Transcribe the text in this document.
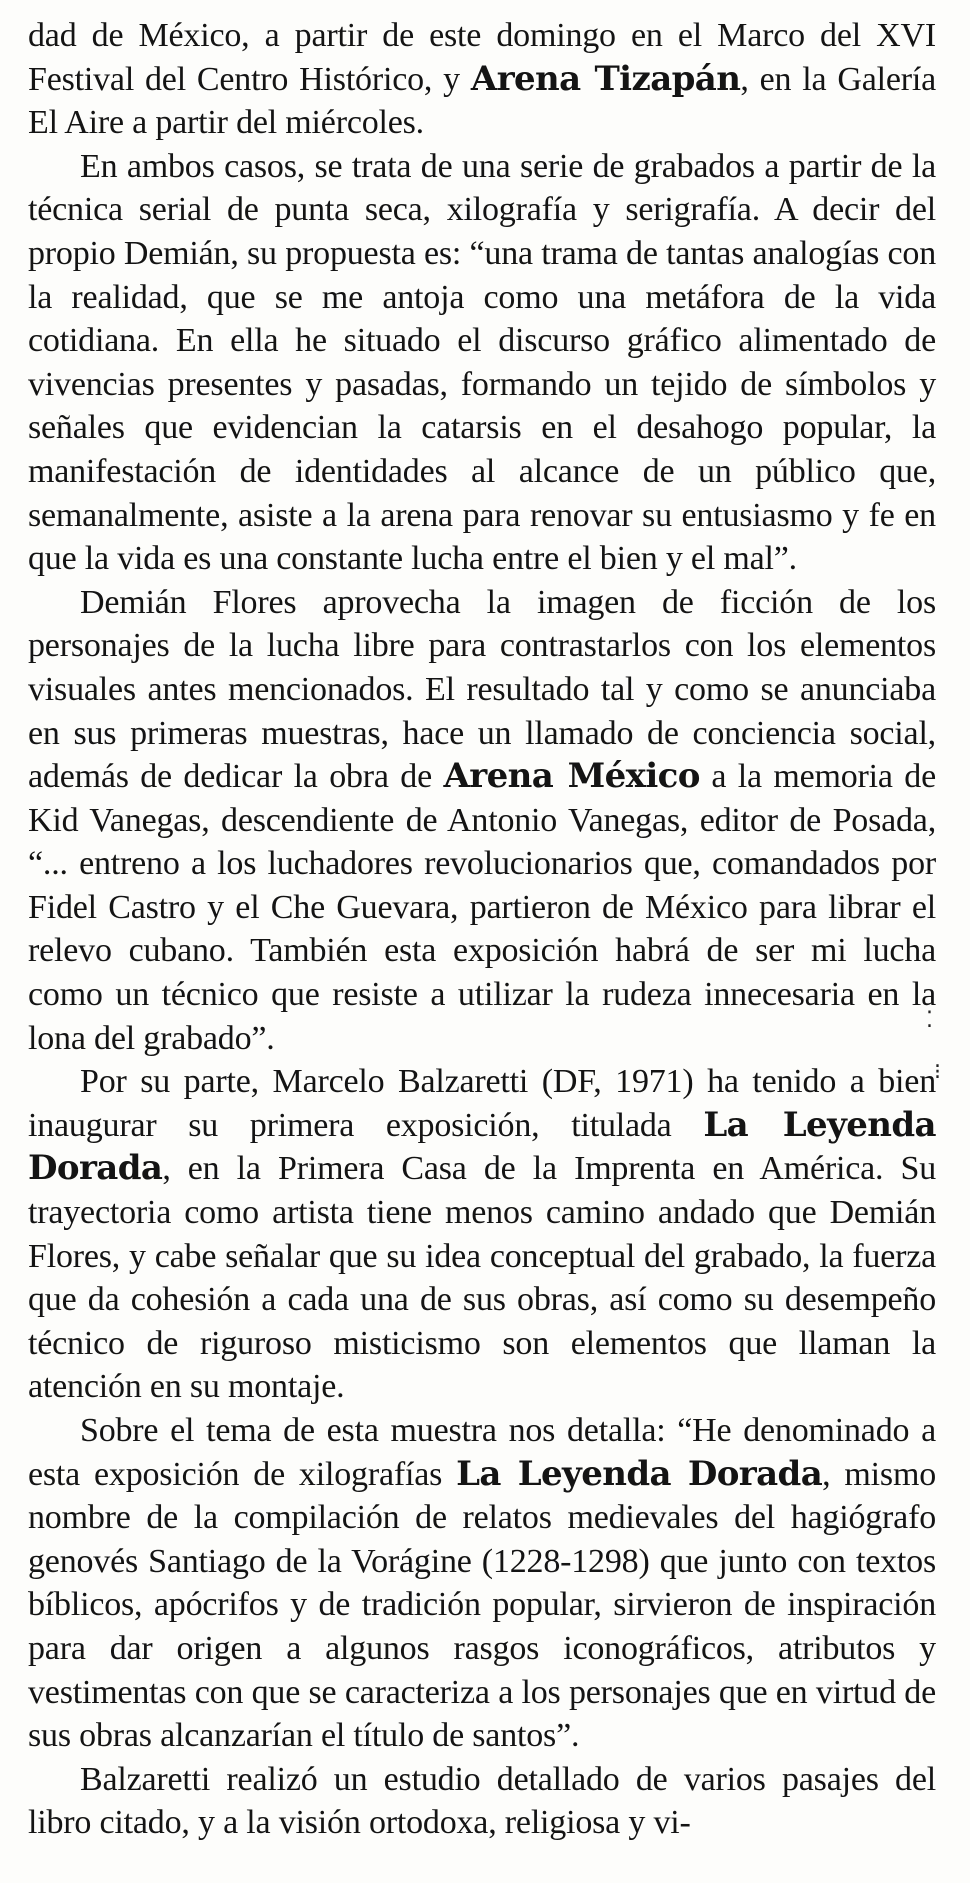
dad de México, a partir de este domingo en el Marco del XVI Festival del Centro Histórico, y Arena Tizapán, en la Galería El Aire a partir del miércoles.

En ambos casos, se trata de una serie de grabados a partir de la técnica serial de punta seca, xilografía y serigrafía. A decir del propio Demián, su propuesta es: “una trama de tantas analogías con la realidad, que se me antoja como una metáfora de la vida cotidiana. En ella he situado el discurso gráfico alimentado de vivencias presentes y pasadas, formando un tejido de símbolos y señales que evidencian la catarsis en el desahogo popular, la manifestación de identidades al alcance de un público que, semanalmente, asiste a la arena para renovar su entusiasmo y fe en que la vida es una constante lucha entre el bien y el mal”.

Demián Flores aprovecha la imagen de ficción de los personajes de la lucha libre para contrastarlos con los elementos visuales antes mencionados. El resultado tal y como se anunciaba en sus primeras muestras, hace un llamado de conciencia social, además de dedicar la obra de Arena México a la memoria de Kid Vanegas, descendiente de Antonio Vanegas, editor de Posada, “... entreno a los luchadores revolucionarios que, comandados por Fidel Castro y el Che Guevara, partieron de México para librar el relevo cubano. También esta exposición habrá de ser mi lucha como un técnico que resiste a utilizar la rudeza innecesaria en la lona del grabado”.

Por su parte, Marcelo Balzaretti (DF, 1971) ha tenido a bien inaugurar su primera exposición, titulada La Leyenda Dorada, en la Primera Casa de la Imprenta en América. Su trayectoria como artista tiene menos camino andado que Demián Flores, y cabe señalar que su idea conceptual del grabado, la fuerza que da cohesión a cada una de sus obras, así como su desempeño técnico de riguroso misticismo son elementos que llaman la atención en su montaje.

Sobre el tema de esta muestra nos detalla: “He denominado a esta exposición de xilografías La Leyenda Dorada, mismo nombre de la compilación de relatos medievales del hagiógrafo genovés Santiago de la Vorágine (1228-1298) que junto con textos bíblicos, apócrifos y de tradición popular, sirvieron de inspiración para dar origen a algunos rasgos iconográficos, atributos y vestimentas con que se caracteriza a los personajes que en virtud de sus obras alcanzarían el título de santos”.

Balzaretti realizó un estudio detallado de varios pasajes del libro citado, y a la visión ortodoxa, religiosa y vi-

⁚
⁝
